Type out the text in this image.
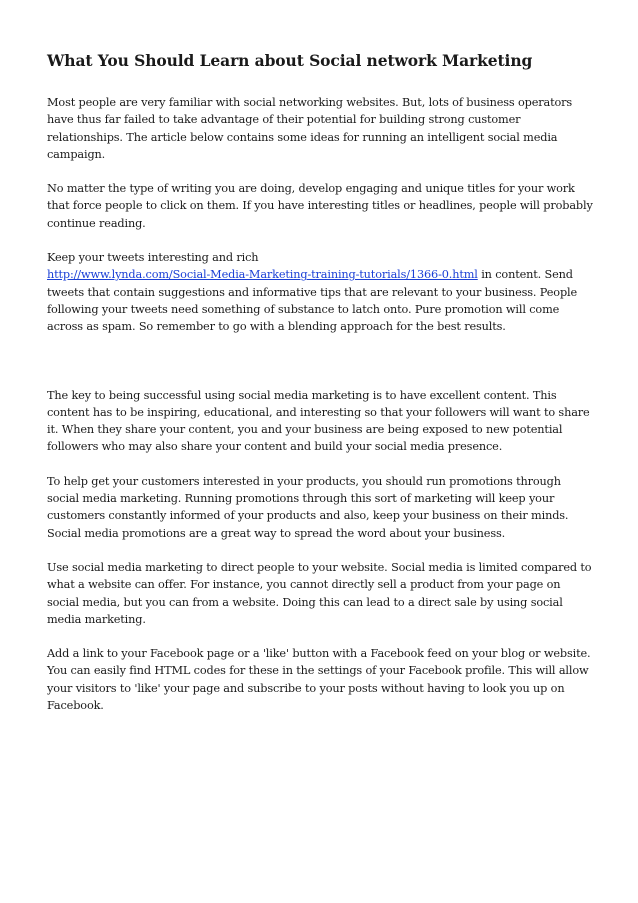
What You Should Learn about Social network Marketing

Most people are very familiar with social networking websites. But, lots of business operators have thus far failed to take advantage of their potential for building strong customer relationships. The article below contains some ideas for running an intelligent social media campaign.

No matter the type of writing you are doing, develop engaging and unique titles for your work that force people to click on them. If you have interesting titles or headlines, people will probably continue reading.

Keep your tweets interesting and rich
http://www.lynda.com/Social-Media-Marketing-training-tutorials/1366-0.html in content. Send tweets that contain suggestions and informative tips that are relevant to your business. People following your tweets need something of substance to latch onto. Pure promotion will come across as spam. So remember to go with a blending approach for the best results.

The key to being successful using social media marketing is to have excellent content. This content has to be inspiring, educational, and interesting so that your followers will want to share it. When they share your content, you and your business are being exposed to new potential followers who may also share your content and build your social media presence.

To help get your customers interested in your products, you should run promotions through social media marketing. Running promotions through this sort of marketing will keep your customers constantly informed of your products and also, keep your business on their minds. Social media promotions are a great way to spread the word about your business.

Use social media marketing to direct people to your website. Social media is limited compared to what a website can offer. For instance, you cannot directly sell a product from your page on social media, but you can from a website. Doing this can lead to a direct sale by using social media marketing.

Add a link to your Facebook page or a 'like' button with a Facebook feed on your blog or website. You can easily find HTML codes for these in the settings of your Facebook profile. This will allow your visitors to 'like' your page and subscribe to your posts without having to look you up on Facebook.
